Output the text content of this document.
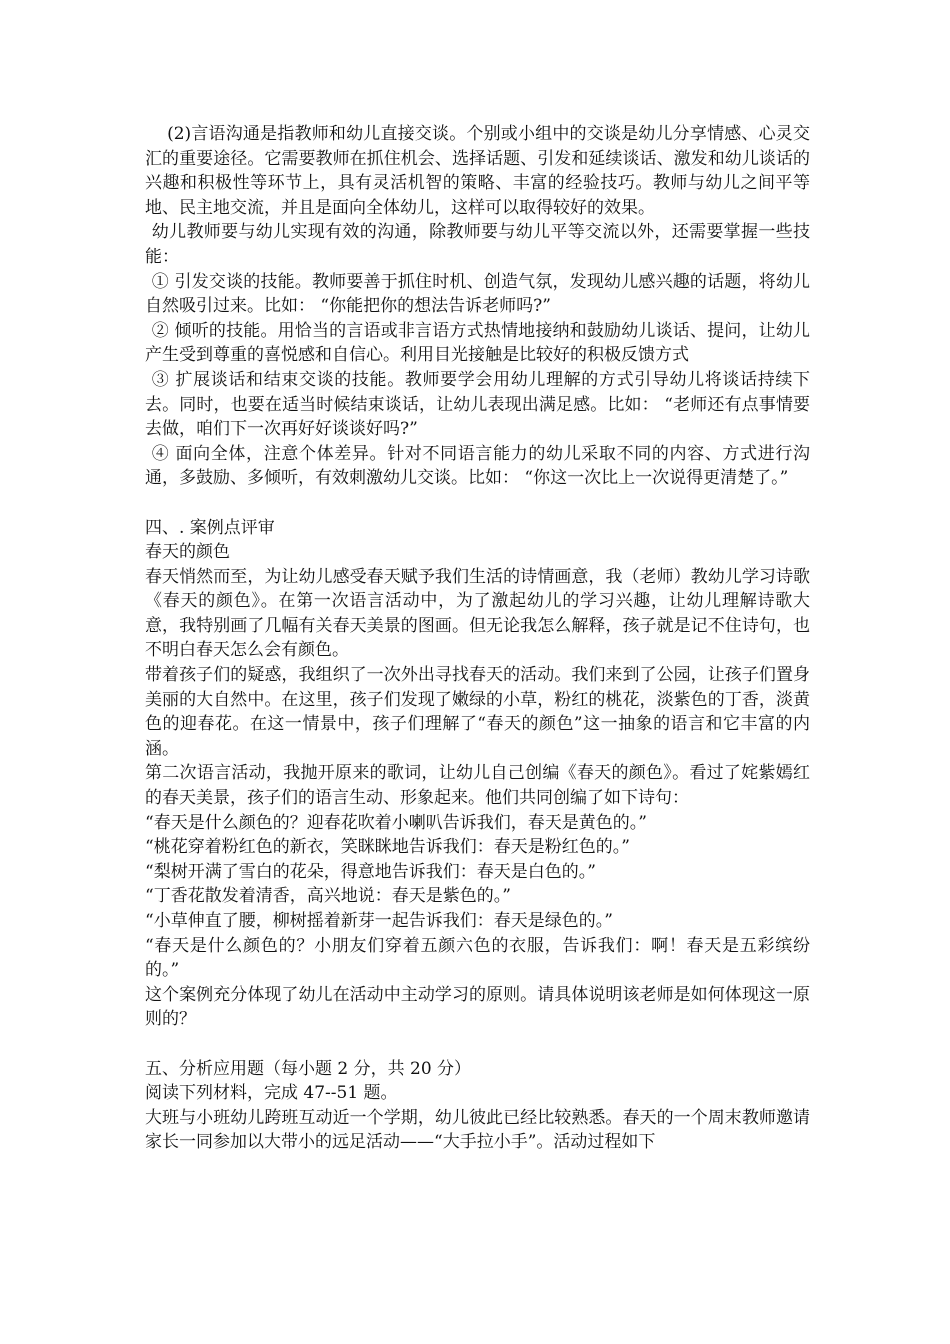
(2)言语沟通是指教师和幼儿直接交谈。个别或小组中的交谈是幼儿分享情感、心灵交汇的重要途径。它需要教师在抓住机会、选择话题、引发和延续谈话、激发和幼儿谈话的兴趣和积极性等环节上，具有灵活机智的策略、丰富的经验技巧。教师与幼儿之间平等地、民主地交流，并且是面向全体幼儿，这样可以取得较好的效果。

幼儿教师要与幼儿实现有效的沟通，除教师要与幼儿平等交流以外，还需要掌握一些技能：

① 引发交谈的技能。教师要善于抓住时机、创造气氛，发现幼儿感兴趣的话题，将幼儿自然吸引过来。比如： “你能把你的想法告诉老师吗?”

② 倾听的技能。用恰当的言语或非言语方式热情地接纳和鼓励幼儿谈话、提问，让幼儿产生受到尊重的喜悦感和自信心。利用目光接触是比较好的积极反馈方式

③ 扩展谈话和结束交谈的技能。教师要学会用幼儿理解的方式引导幼儿将谈话持续下去。同时，也要在适当时候结束谈话，让幼儿表现出满足感。比如： “老师还有点事情要去做，咱们下一次再好好谈谈好吗?”

④ 面向全体，注意个体差异。针对不同语言能力的幼儿采取不同的内容、方式进行沟通，多鼓励、多倾听，有效刺激幼儿交谈。比如： “你这一次比上一次说得更清楚了。”

四、. 案例点评审

春天的颜色

春天悄然而至，为让幼儿感受春天赋予我们生活的诗情画意，我（老师）教幼儿学习诗歌《春天的颜色》。在第一次语言活动中，为了激起幼儿的学习兴趣，让幼儿理解诗歌大意，我特别画了几幅有关春天美景的图画。但无论我怎么解释，孩子就是记不住诗句，也不明白春天怎么会有颜色。

带着孩子们的疑惑，我组织了一次外出寻找春天的活动。我们来到了公园，让孩子们置身美丽的大自然中。在这里，孩子们发现了嫩绿的小草，粉红的桃花，淡紫色的丁香，淡黄色的迎春花。在这一情景中，孩子们理解了“春天的颜色”这一抽象的语言和它丰富的内涵。

第二次语言活动，我抛开原来的歌词，让幼儿自己创编《春天的颜色》。看过了姹紫嫣红的春天美景，孩子们的语言生动、形象起来。他们共同创编了如下诗句：

“春天是什么颜色的？迎春花吹着小喇叭告诉我们，春天是黄色的。”

“桃花穿着粉红色的新衣，笑眯眯地告诉我们：春天是粉红色的。”

“梨树开满了雪白的花朵，得意地告诉我们：春天是白色的。”

“丁香花散发着清香，高兴地说：春天是紫色的。”

“小草伸直了腰，柳树摇着新芽一起告诉我们：春天是绿色的。”

“春天是什么颜色的？小朋友们穿着五颜六色的衣服，告诉我们：啊！春天是五彩缤纷的。”

这个案例充分体现了幼儿在活动中主动学习的原则。请具体说明该老师是如何体现这一原则的？

五、分析应用题（每小题 2 分，共 20 分）

阅读下列材料，完成 47--51 题。

大班与小班幼儿跨班互动近一个学期，幼儿彼此已经比较熟悉。春天的一个周末教师邀请家长一同参加以大带小的远足活动——“大手拉小手”。活动过程如下
